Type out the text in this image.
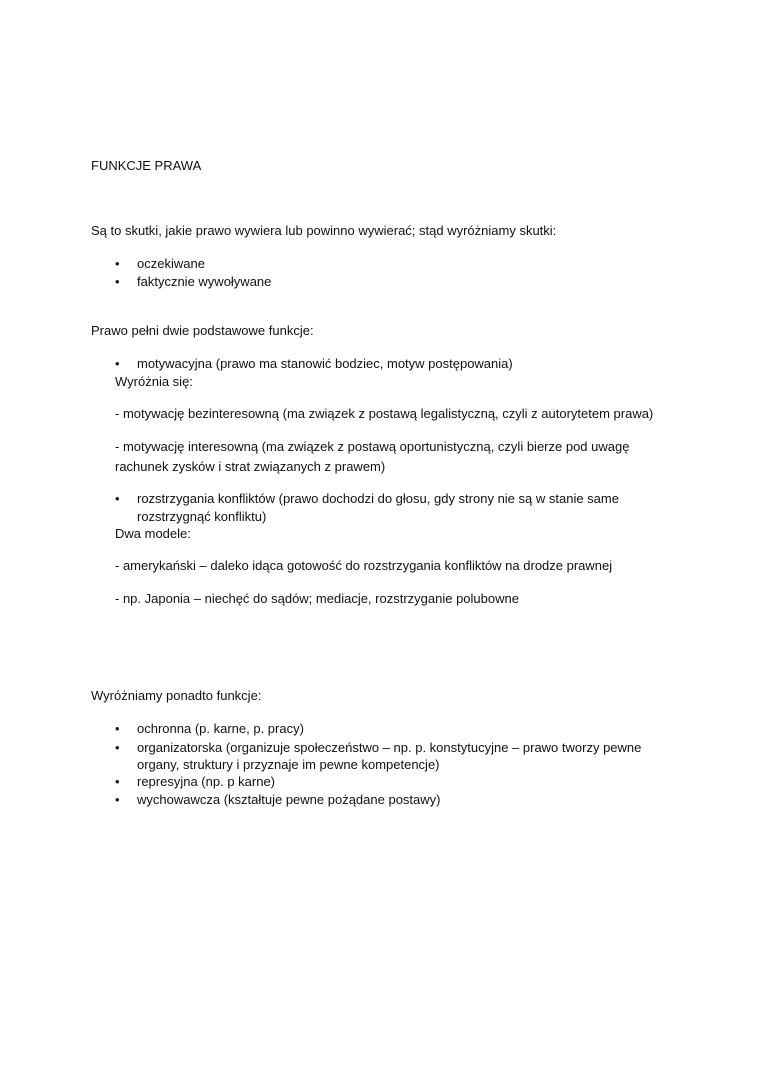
FUNKCJE PRAWA
Są to skutki, jakie prawo wywiera lub powinno wywierać; stąd wyróżniamy skutki:
• oczekiwane
• faktycznie wywoływane
Prawo pełni dwie podstawowe funkcje:
• motywacyjna (prawo ma stanowić bodziec, motyw postępowania)
Wyróżnia się:
- motywację bezinteresowną (ma związek z postawą legalistyczną, czyli z autorytetem prawa)
- motywację interesowną (ma związek z postawą oportunistyczną, czyli bierze pod uwagę
rachunek zysków i strat związanych z prawem)
• rozstrzygania konfliktów (prawo dochodzi do głosu, gdy strony nie są w stanie same
rozstrzygnąć konfliktu)
Dwa modele:
- amerykański – daleko idąca gotowość do rozstrzygania konfliktów na drodze prawnej
- np. Japonia – niechęć do sądów; mediacje, rozstrzyganie polubowne
Wyróżniamy ponadto funkcje:
• ochronna (p. karne, p. pracy)
• organizatorska (organizuje społeczeństwo – np. p. konstytucyjne – prawo tworzy pewne
organy, struktury i przyznaje im pewne kompetencje)
• represyjna (np. p karne)
• wychowawcza (kształtuje pewne pożądane postawy)
